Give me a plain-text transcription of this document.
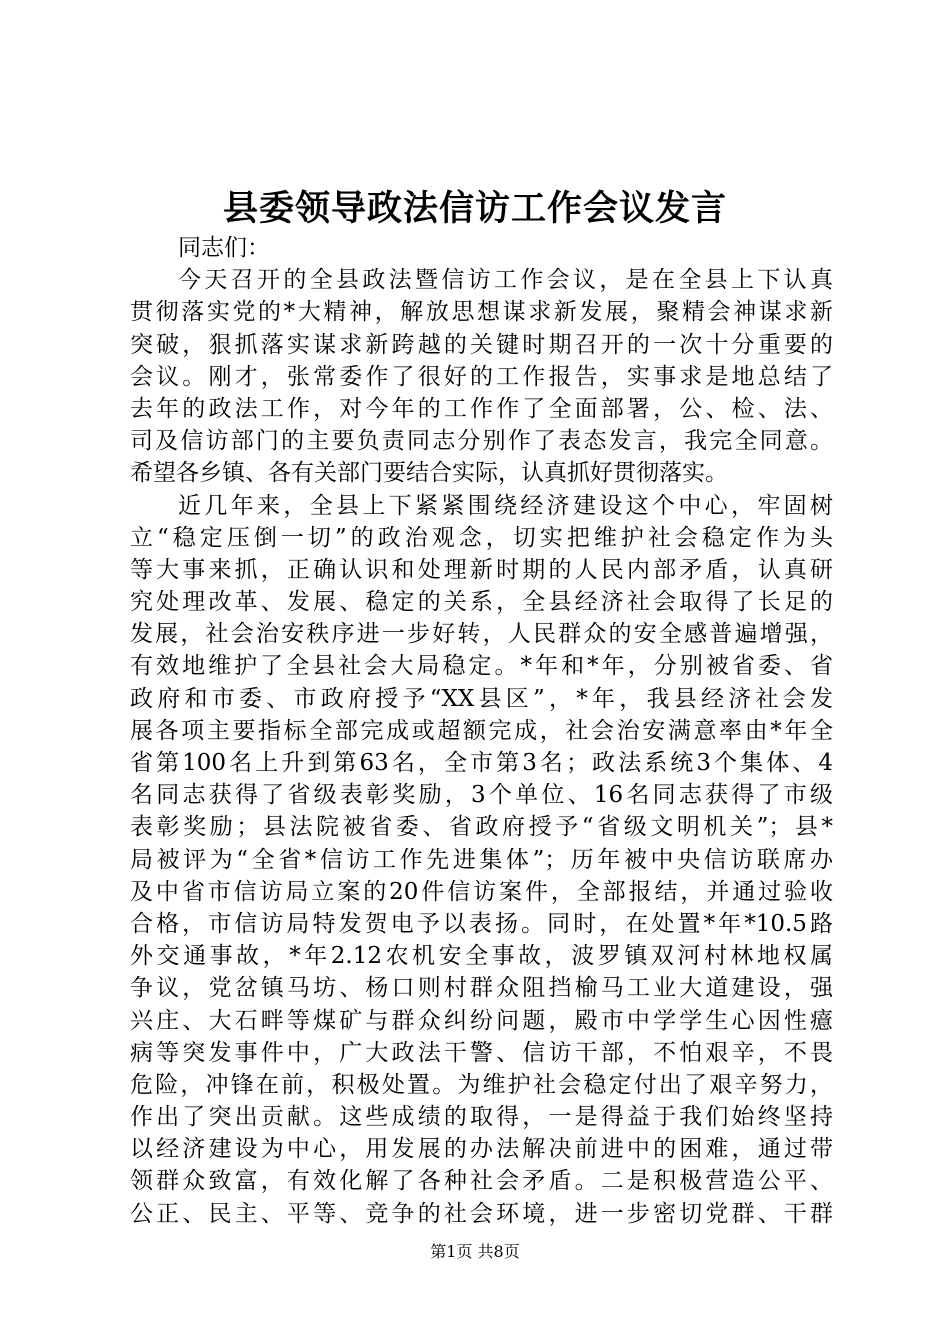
县委领导政法信访工作会议发言
同志们：
今天召开的全县政法暨信访工作会议，是在全县上下认真
贯彻落实党的*大精神，解放思想谋求新发展，聚精会神谋求新
突破，狠抓落实谋求新跨越的关键时期召开的一次十分重要的
会议。刚才，张常委作了很好的工作报告，实事求是地总结了
去年的政法工作，对今年的工作作了全面部署，公、检、法、
司及信访部门的主要负责同志分别作了表态发言，我完全同意。
希望各乡镇、各有关部门要结合实际，认真抓好贯彻落实。
近几年来，全县上下紧紧围绕经济建设这个中心，牢固树
立“稳定压倒一切”的政治观念，切实把维护社会稳定作为头
等大事来抓，正确认识和处理新时期的人民内部矛盾，认真研
究处理改革、发展、稳定的关系，全县经济社会取得了长足的
发展，社会治安秩序进一步好转，人民群众的安全感普遍增强，
有效地维护了全县社会大局稳定。*年和*年，分别被省委、省
政府和市委、市政府授予“XX县区”，*年，我县经济社会发
展各项主要指标全部完成或超额完成，社会治安满意率由*年全
省第100名上升到第63名，全市第3名；政法系统3个集体、4
名同志获得了省级表彰奖励，3个单位、16名同志获得了市级
表彰奖励；县法院被省委、省政府授予“省级文明机关”；县*
局被评为“全省*信访工作先进集体”；历年被中央信访联席办
及中省市信访局立案的20件信访案件，全部报结，并通过验收
合格，市信访局特发贺电予以表扬。同时，在处置*年*10.5路
外交通事故，*年2.12农机安全事故，波罗镇双河村林地权属
争议，党岔镇马坊、杨口则村群众阻挡榆马工业大道建设，强
兴庄、大石畔等煤矿与群众纠纷问题，殿市中学学生心因性癔
病等突发事件中，广大政法干警、信访干部，不怕艰辛，不畏
危险，冲锋在前，积极处置。为维护社会稳定付出了艰辛努力，
作出了突出贡献。这些成绩的取得，一是得益于我们始终坚持
以经济建设为中心，用发展的办法解决前进中的困难，通过带
领群众致富，有效化解了各种社会矛盾。二是积极营造公平、
公正、民主、平等、竞争的社会环境，进一步密切党群、干群
第1页 共8页
